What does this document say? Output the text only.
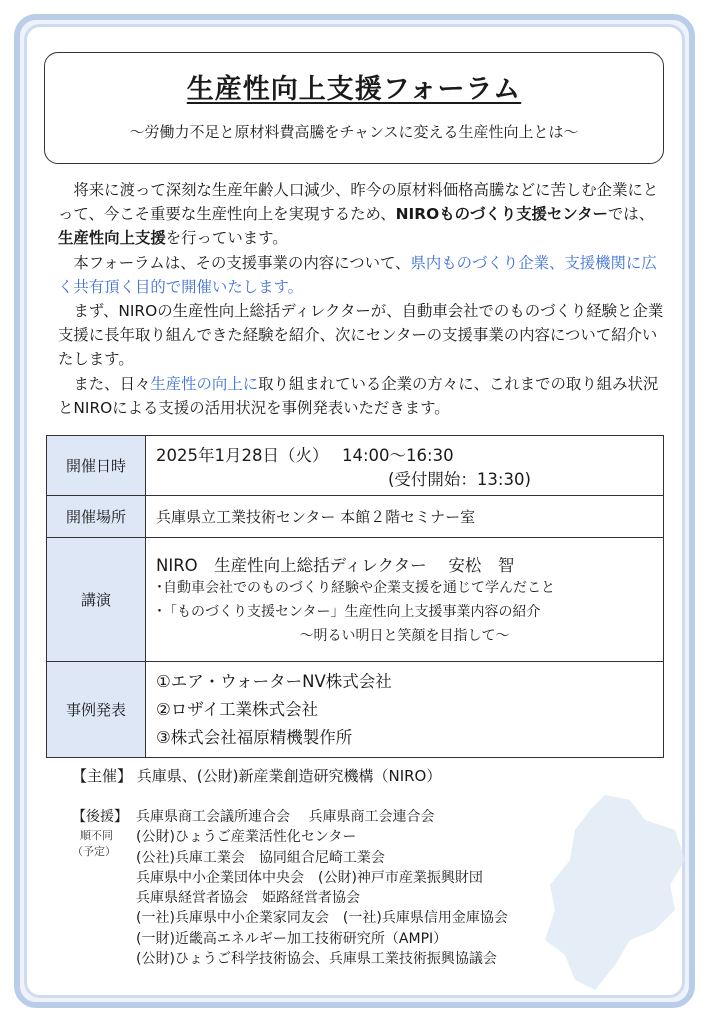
生産性向上支援フォーラム
～労働力不足と原材料費高騰をチャンスに変える生産性向上とは～

将来に渡って深刻な生産年齢人口減少、昨今の原材料価格高騰などに苦しむ企業にとって、今こそ重要な生産性向上を実現するため、NIROものづくり支援センターでは、生産性向上支援を行っています。

本フォーラムは、その支援事業の内容について、県内ものづくり企業、支援機関に広く共有頂く目的で開催いたします。

まず、NIROの生産性向上総括ディレクターが、自動車会社でのものづくり経験と企業支援に長年取り組んできた経験を紹介、次にセンターの支援事業の内容について紹介いたします。

また、日々生産性の向上に取り組まれている企業の方々に、これまでの取り組み状況とNIROによる支援の活用状況を事例発表いただきます。

開催日時	2025年1月28日（火）　 14:00～16:30
(受付開始：13:30)

開催場所	兵庫県立工業技術センター 本館２階セミナー室
講演	NIRO　生産性向上総括ディレクター　 安松　智
･自動車会社でのものづくり経験や企業支援を通じて学んだこと
･「ものづくり支援センター」生産性向上支援事業内容の紹介
～明るい明日と笑顔を目指して～

事例発表	①エア・ウォーターNV株式会社
②ロザイ工業株式会社
③株式会社福原精機製作所
【主催】 兵庫県、(公財)新産業創造研究機構（NIRO）
【後援】 兵庫県商工会議所連合会　 兵庫県商工会連合会
(公財)ひょうご産業活性化センター
(公社)兵庫工業会　協同組合尼崎工業会
兵庫県中小企業団体中央会　(公財)神戸市産業振興財団
兵庫県経営者協会　姫路経営者協会
(一社)兵庫県中小企業家同友会　(一社)兵庫県信用金庫協会
(一財)近畿高エネルギー加工技術研究所（AMPI）
(公財)ひょうご科学技術協会、兵庫県工業技術振興協議会
順不同
（予定）
